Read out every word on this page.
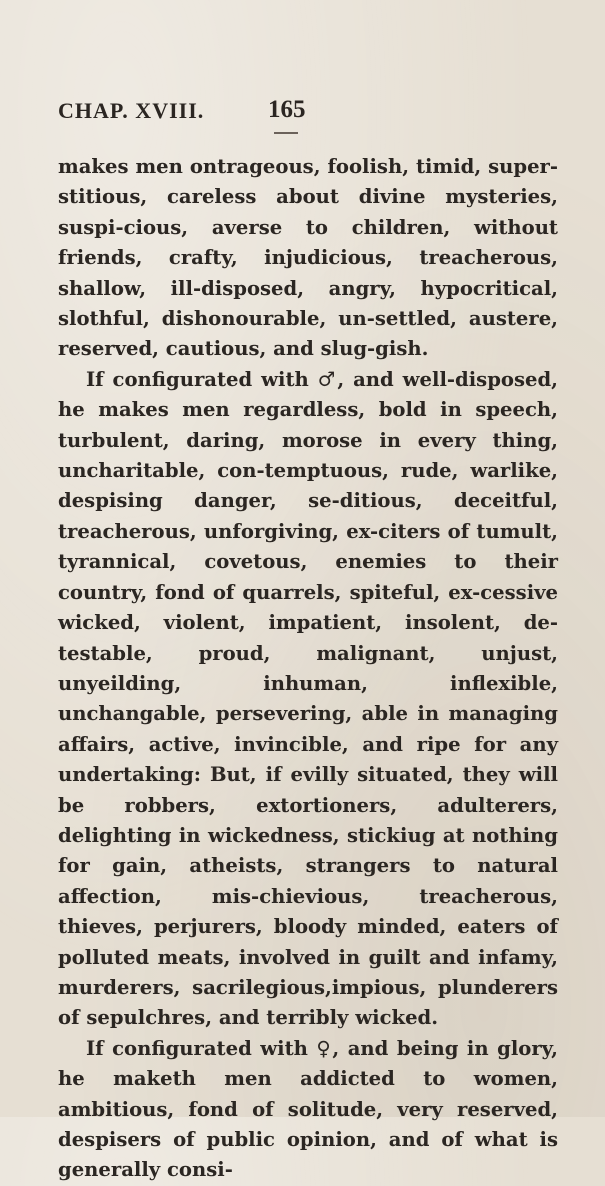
CHAP. XVIII.	165

makes men ontrageous, foolish, timid, super-stitious, careless about divine mysteries, suspi-cious, averse to children, without friends, crafty, injudicious, treacherous, shallow, ill-disposed, angry, hypocritical, slothful, dishonourable, un-settled, austere, reserved, cautious, and slug-gish.

If configurated with ♂, and well-disposed, he makes men regardless, bold in speech, turbulent, daring, morose in every thing, uncharitable, con-temptuous, rude, warlike, despising danger, se-ditious, deceitful, treacherous, unforgiving, ex-citers of tumult, tyrannical, covetous, enemies to their country, fond of quarrels, spiteful, ex-cessive wicked, violent, impatient, insolent, de-testable, proud, malignant, unjust, unyeilding, inhuman, inflexible, unchangable, persevering, able in managing affairs, active, invincible, and ripe for any undertaking: But, if evilly situated, they will be robbers, extortioners, adulterers, delighting in wickedness, stickiug at nothing for gain, atheists, strangers to natural affection, mis-chievious, treacherous, thieves, perjurers, bloody minded, eaters of polluted meats, involved in guilt and infamy, murderers, sacrilegious,impious, plunderers of sepulchres, and terribly wicked.

If configurated with ♀, and being in glory, he maketh men addicted to women, ambitious, fond of solitude, very reserved, despisers of public opinion, and of what is generally consi-
